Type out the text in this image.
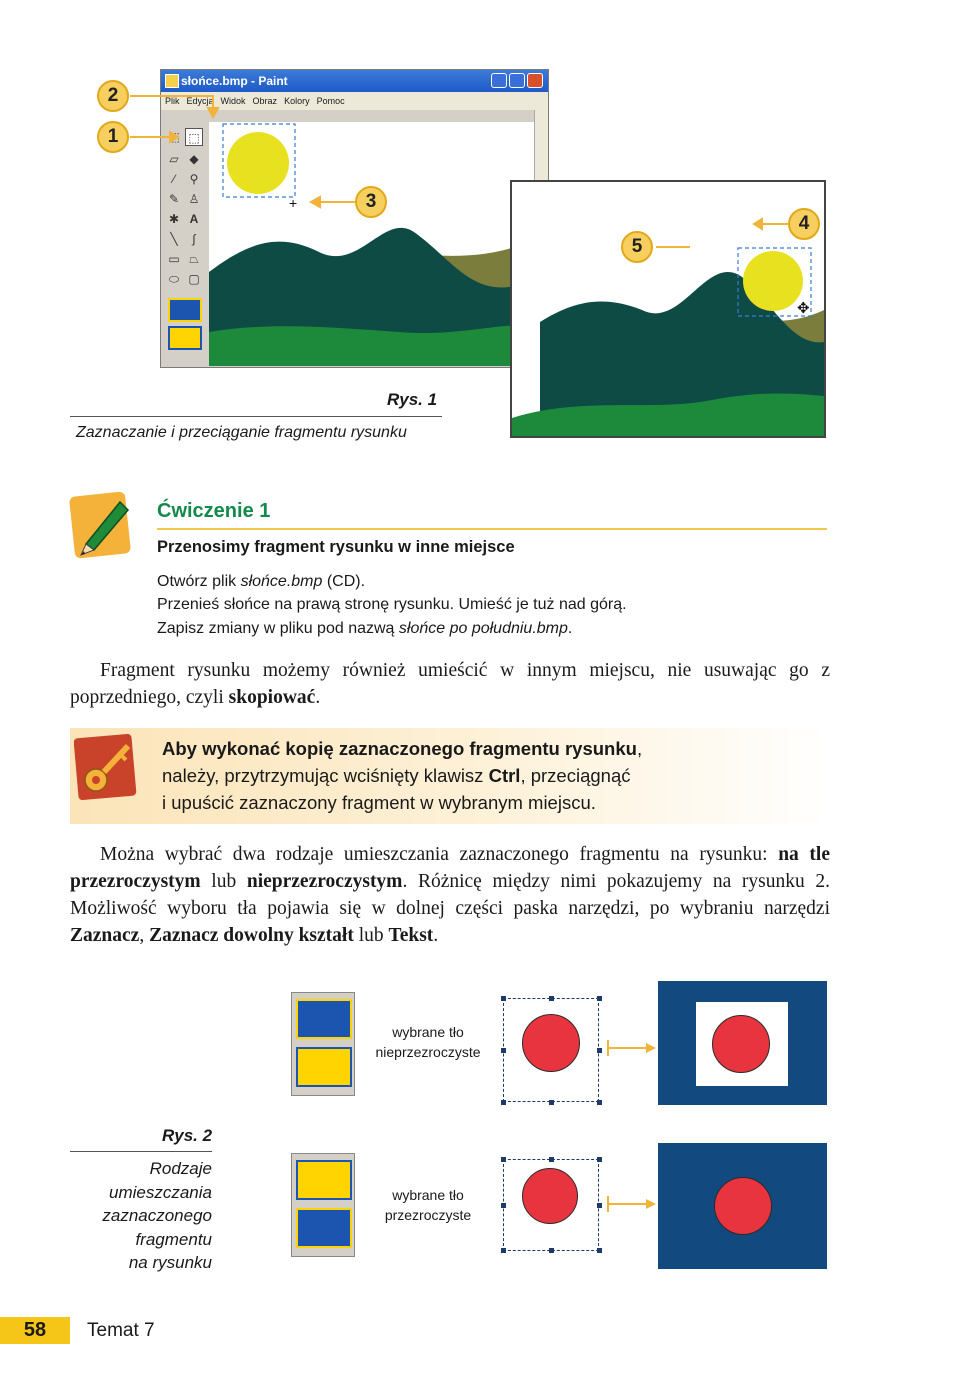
słońce.bmp - Paint
Plik Edycja Widok Obraz Kolory Pomoc
⬚
▱ ◆
⁄	⚲
✎ ♙
✱ A
╲	∫
▭ ⏢
⬭ ▢
+
✥
2
1
3
4
5
Rys. 1
Zaznaczanie i przeciąganie fragmentu rysunku
Ćwiczenie 1
Przenosimy fragment rysunku w inne miejsce
Otwórz plik słońce.bmp (CD).
Przenieś słońce na prawą stronę rysunku. Umieść je tuż nad górą.
Zapisz zmiany w pliku pod nazwą słońce po południu.bmp.
Fragment rysunku możemy również umieścić w innym miejscu, nie usuwając go z poprzedniego, czyli skopiować.
Aby wykonać kopię zaznaczonego fragmentu rysunku,
należy, przytrzymując wciśnięty klawisz Ctrl, przeciągnąć
i upuścić zaznaczony fragment w wybranym miejscu.
Można wybrać dwa rodzaje umieszczania zaznaczonego fragmentu na rysunku: na tle przezroczystym lub nieprzezroczystym. Różnicę między nimi pokazujemy na rysunku 2. Możliwość wyboru tła pojawia się w dolnej części paska narzędzi, po wybraniu narzędzi Zaznacz, Zaznacz dowolny kształt lub Tekst.
wybrane tło
nieprzezroczyste
Rys. 2
Rodzaje
umieszczania
zaznaczonego
fragmentu
na rysunku
wybrane tło
przezroczyste
58	Temat 7
